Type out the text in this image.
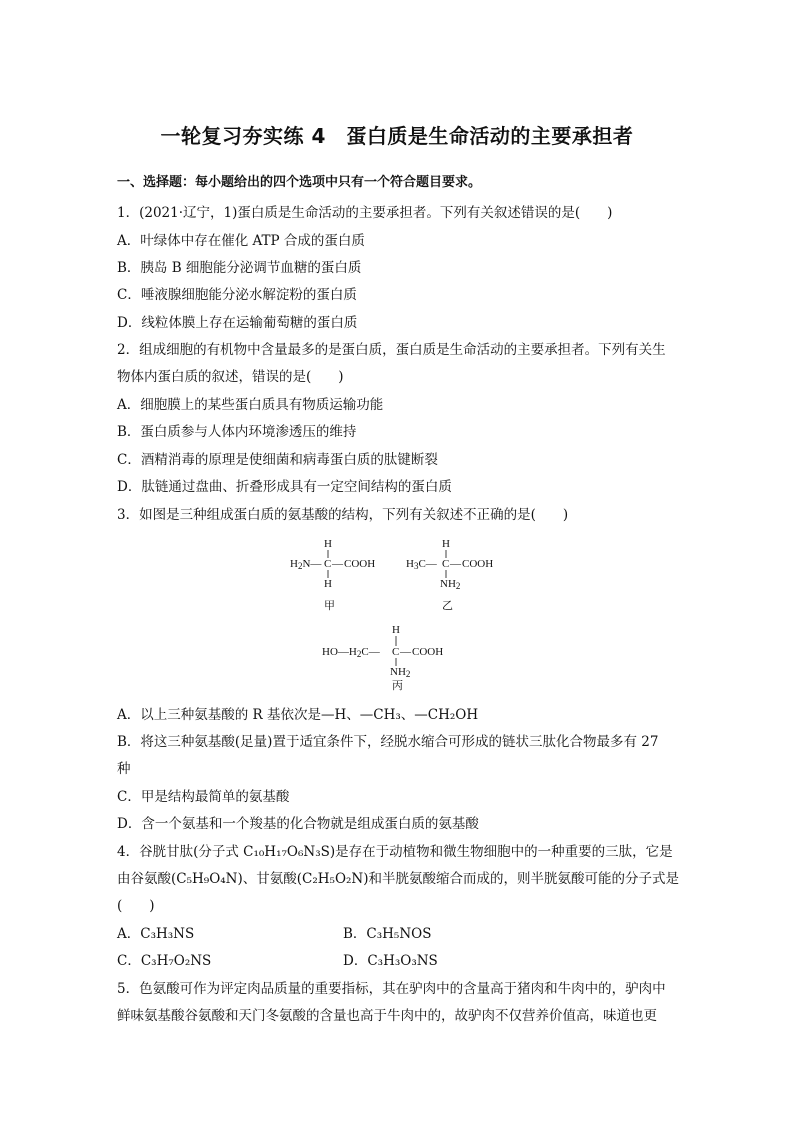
一轮复习夯实练 4　蛋白质是生命活动的主要承担者
一、选择题：每小题给出的四个选项中只有一个符合题目要求。
1．(2021·辽宁，1)蛋白质是生命活动的主要承担者。下列有关叙述错误的是(　　)
A．叶绿体中存在催化 ATP 合成的蛋白质
B．胰岛 B 细胞能分泌调节血糖的蛋白质
C．唾液腺细胞能分泌水解淀粉的蛋白质
D．线粒体膜上存在运输葡萄糖的蛋白质
2．组成细胞的有机物中含量最多的是蛋白质，蛋白质是生命活动的主要承担者。下列有关生
物体内蛋白质的叙述，错误的是(　　)
A．细胞膜上的某些蛋白质具有物质运输功能
B．蛋白质参与人体内环境渗透压的维持
C．酒精消毒的原理是使细菌和病毒蛋白质的肽键断裂
D．肽链通过盘曲、折叠形成具有一定空间结构的蛋白质
3．如图是三种组成蛋白质的氨基酸的结构，下列有关叙述不正确的是(　　)
H
$H_2N—$ C — COOH
H
甲
H
$H_3C—$ C — COOH
$NH_2$
乙
H
$HO—H_2C—$ C — COOH
$NH_2$
丙
A．以上三种氨基酸的 R 基依次是—H、—CH₃、—CH₂OH
B．将这三种氨基酸(足量)置于适宜条件下，经脱水缩合可形成的链状三肽化合物最多有 27
种
C．甲是结构最简单的氨基酸
D．含一个氨基和一个羧基的化合物就是组成蛋白质的氨基酸
4．谷胱甘肽(分子式 C₁₀H₁₇O₆N₃S)是存在于动植物和微生物细胞中的一种重要的三肽，它是
由谷氨酸(C₅H₉O₄N)、甘氨酸(C₂H₅O₂N)和半胱氨酸缩合而成的，则半胱氨酸可能的分子式是
(　　)
A．C₃H₃NS	B．C₃H₅NOS
C．C₃H₇O₂NS	D．C₃H₃O₃NS
5．色氨酸可作为评定肉品质量的重要指标，其在驴肉中的含量高于猪肉和牛肉中的，驴肉中
鲜味氨基酸谷氨酸和天门冬氨酸的含量也高于牛肉中的，故驴肉不仅营养价值高，味道也更
